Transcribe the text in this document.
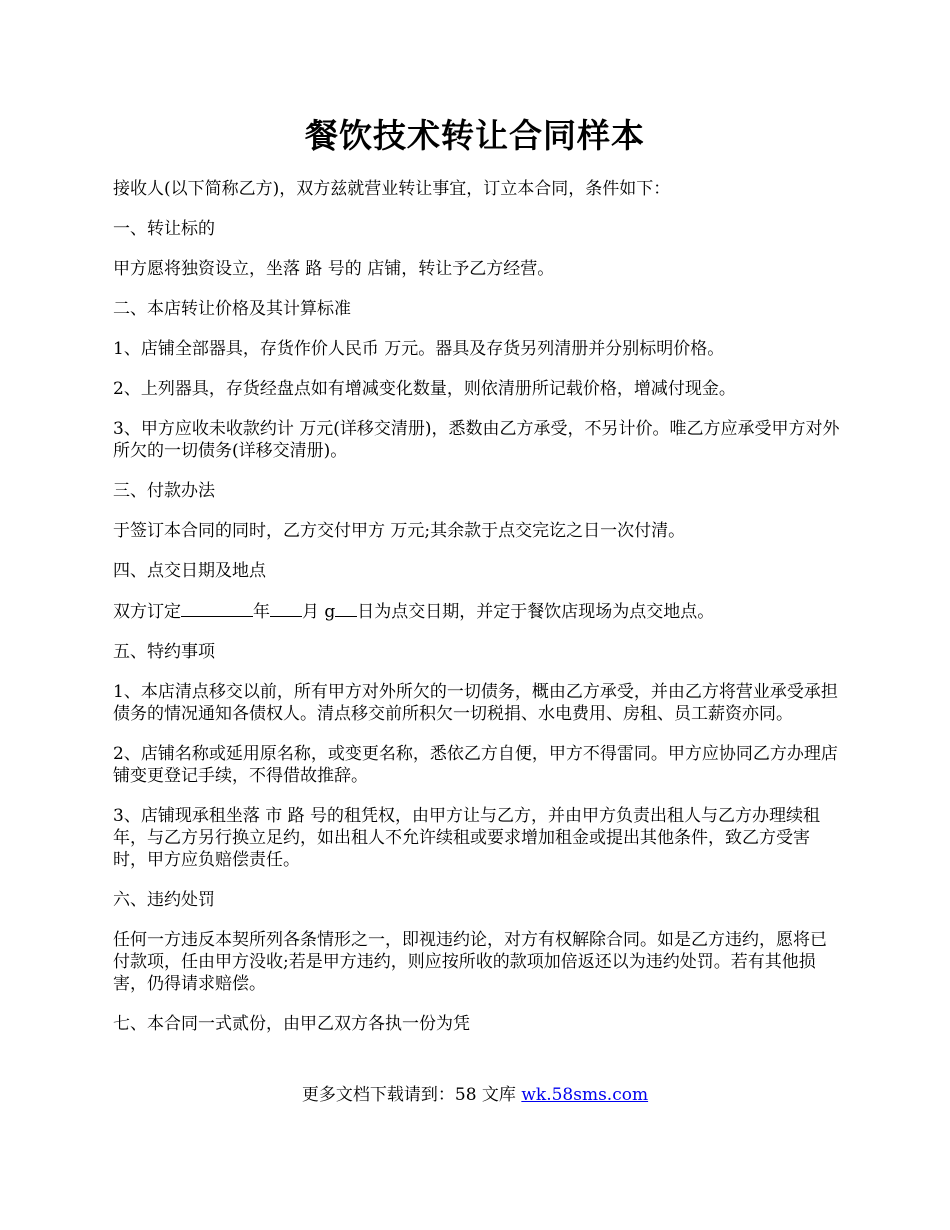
餐饮技术转让合同样本

接收人(以下简称乙方)，双方兹就营业转让事宜，订立本合同，条件如下：

一、转让标的

甲方愿将独资设立，坐落 路 号的 店铺，转让予乙方经营。

二、本店转让价格及其计算标准

1、店铺全部器具，存货作价人民币 万元。器具及存货另列清册并分别标明价格。

2、上列器具，存货经盘点如有增减变化数量，则依清册所记载价格，增减付现金。

3、甲方应收未收款约计 万元(详移交清册)，悉数由乙方承受，不另计价。唯乙方应承受甲方对外所欠的一切债务(详移交清册)。

三、付款办法

于签订本合同的同时，乙方交付甲方 万元;其余款于点交完讫之日一次付清。

四、点交日期及地点

双方订定	年 月 g 日为点交日期，并定于餐饮店现场为点交地点。

五、特约事项

1、本店清点移交以前，所有甲方对外所欠的一切债务，概由乙方承受，并由乙方将营业承受承担债务的情况通知各债权人。清点移交前所积欠一切税捐、水电费用、房租、员工薪资亦同。

2、店铺名称或延用原名称，或变更名称，悉依乙方自便，甲方不得雷同。甲方应协同乙方办理店铺变更登记手续，不得借故推辞。

3、店铺现承租坐落 市 路 号的租凭权，由甲方让与乙方，并由甲方负责出租人与乙方办理续租年，与乙方另行换立足约，如出租人不允许续租或要求增加租金或提出其他条件，致乙方受害时，甲方应负赔偿责任。

六、违约处罚

任何一方违反本契所列各条情形之一，即视违约论，对方有权解除合同。如是乙方违约，愿将已付款项，任由甲方没收;若是甲方违约，则应按所收的款项加倍返还以为违约处罚。若有其他损害，仍得请求赔偿。

七、本合同一式贰份，由甲乙双方各执一份为凭

更多文档下载请到：58 文库 wk.58sms.com
